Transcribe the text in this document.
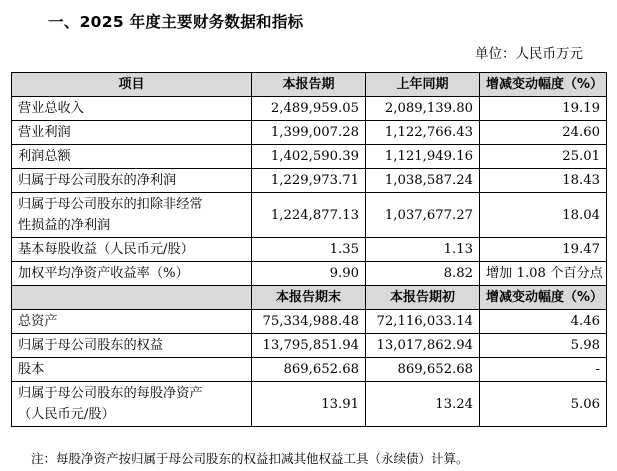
一、2025 年度主要财务数据和指标
单位：人民币万元
项目	本报告期	上年同期	增减变动幅度（%）
营业总收入	2,489,959.05	2,089,139.80	19.19
营业利润	1,399,007.28	1,122,766.43	24.60
利润总额	1,402,590.39	1,121,949.16	25.01
归属于母公司股东的净利润	1,229,973.71	1,038,587.24	18.43

归属于母公司股东的扣除非经常
性损益的净利润	1,224,877.13	1,037,677.27	18.04
基本每股收益（人民币元/股）	1.35	1.13	19.47
加权平均净资产收益率（%）	9.90	8.82	增加 1.08 个百分点
	本报告期末	本报告期初	增减变动幅度（%）
总资产	75,334,988.48	72,116,033.14	4.46
归属于母公司股东的权益	13,795,851.94	13,017,862.94	5.98
股本	869,652.68	869,652.68	-

归属于母公司股东的每股净资产
（人民币元/股）	13.91	13.24	5.06
注：每股净资产按归属于母公司股东的权益扣减其他权益工具（永续债）计算。
